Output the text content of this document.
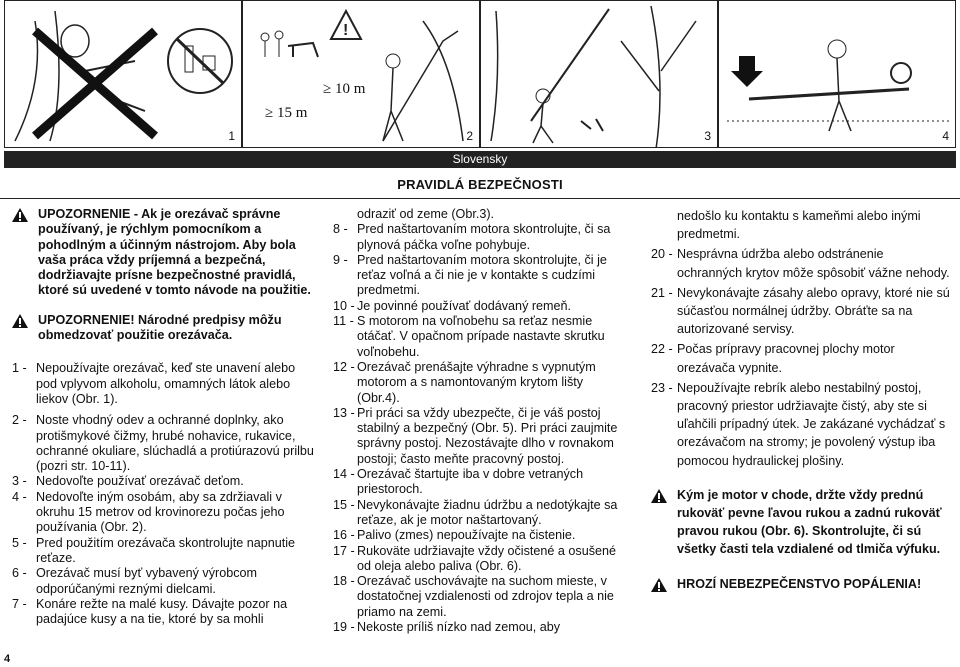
1
!
≥ 15 m
≥ 10 m
2	3	4
Slovensky
PRAVIDLÁ BEZPEČNOSTI
UPOZORNENIE - Ak je orezávač správne používaný, je rýchlym pomocníkom a pohodlným a účinným nástrojom. Aby bola vaša práca vždy príjemná a bezpečná, dodržiavajte prísne bezpečnostné pravidlá, ktoré sú uvedené v tomto návode na použitie.
UPOZORNENIE! Národné predpisy môžu obmedzovať použitie orezávača.
1 - Nepoužívajte orezávač, keď ste unavení alebo pod vplyvom alkoholu, omamných látok alebo liekov (Obr. 1).
2 - Noste vhodný odev a ochranné doplnky, ako protišmykové čižmy, hrubé nohavice, rukavice, ochranné okuliare, slúchadlá a protiúrazovú prilbu (pozri str. 10-11).
3 - Nedovoľte používať orezávač deťom.
4 - Nedovoľte iným osobám, aby sa zdržiavali v okruhu 15 metrov od krovinorezu počas jeho používania (Obr. 2).
5 - Pred použitím orezávača skontrolujte napnutie reťaze.
6 - Orezávač musí byť vybavený výrobcom odporúčanými reznými dielcami.
7 - Konáre režte na malé kusy. Dávajte pozor na padajúce kusy a na tie, ktoré by sa mohli
odraziť od zeme (Obr.3).
8 - Pred naštartovaním motora skontrolujte, či sa plynová páčka voľne pohybuje.
9 - Pred naštartovaním motora skontrolujte, či je reťaz voľná a či nie je v kontakte s cudzími predmetmi.
10 - Je povinné používať dodávaný remeň.
11 - S motorom na voľnobehu sa reťaz nesmie otáčať. V opačnom prípade nastavte skrutku voľnobehu.
12 - Orezávač prenášajte výhradne s vypnutým motorom a s namontovaným krytom lišty (Obr.4).
13 - Pri práci sa vždy ubezpečte, či je váš postoj stabilný a bezpečný (Obr. 5). Pri práci zaujmite správny postoj. Nezostávajte dlho v rovnakom postoji; často meňte pracovný postoj.
14 - Orezávač štartujte iba v dobre vetraných priestoroch.
15 - Nevykonávajte žiadnu údržbu a nedotýkajte sa reťaze, ak je motor naštartovaný.
16 - Palivo (zmes) nepoužívajte na čistenie.
17 - Rukoväte udržiavajte vždy očistené a osušené od oleja alebo paliva (Obr. 6).
18 - Orezávač uschovávajte na suchom mieste, v dostatočnej vzdialenosti od zdrojov tepla a nie priamo na zemi.
19 - Nekoste príliš nízko nad zemou, aby
nedošlo ku kontaktu s kameňmi alebo inými predmetmi.
20 - Nesprávna údržba alebo odstránenie ochranných krytov môže spôsobiť vážne nehody.
21 - Nevykonávajte zásahy alebo opravy, ktoré nie sú súčasťou normálnej údržby. Obráťte sa na autorizované servisy.
22 - Počas prípravy pracovnej plochy motor orezávača vypnite.
23 - Nepoužívajte rebrík alebo nestabilný postoj, pracovný priestor udržiavajte čistý, aby ste si uľahčili prípadný útek. Je zakázané vychádzať s orezávačom na stromy; je povolený výstup iba pomocou hydraulickej plošiny.
Kým je motor v chode, držte vždy prednú rukoväť pevne ľavou rukou a zadnú rukoväť pravou rukou (Obr. 6). Skontrolujte, či sú všetky časti tela vzdialené od tlmiča výfuku.
HROZÍ NEBEZPEČENSTVO POPÁLENIA!
4
